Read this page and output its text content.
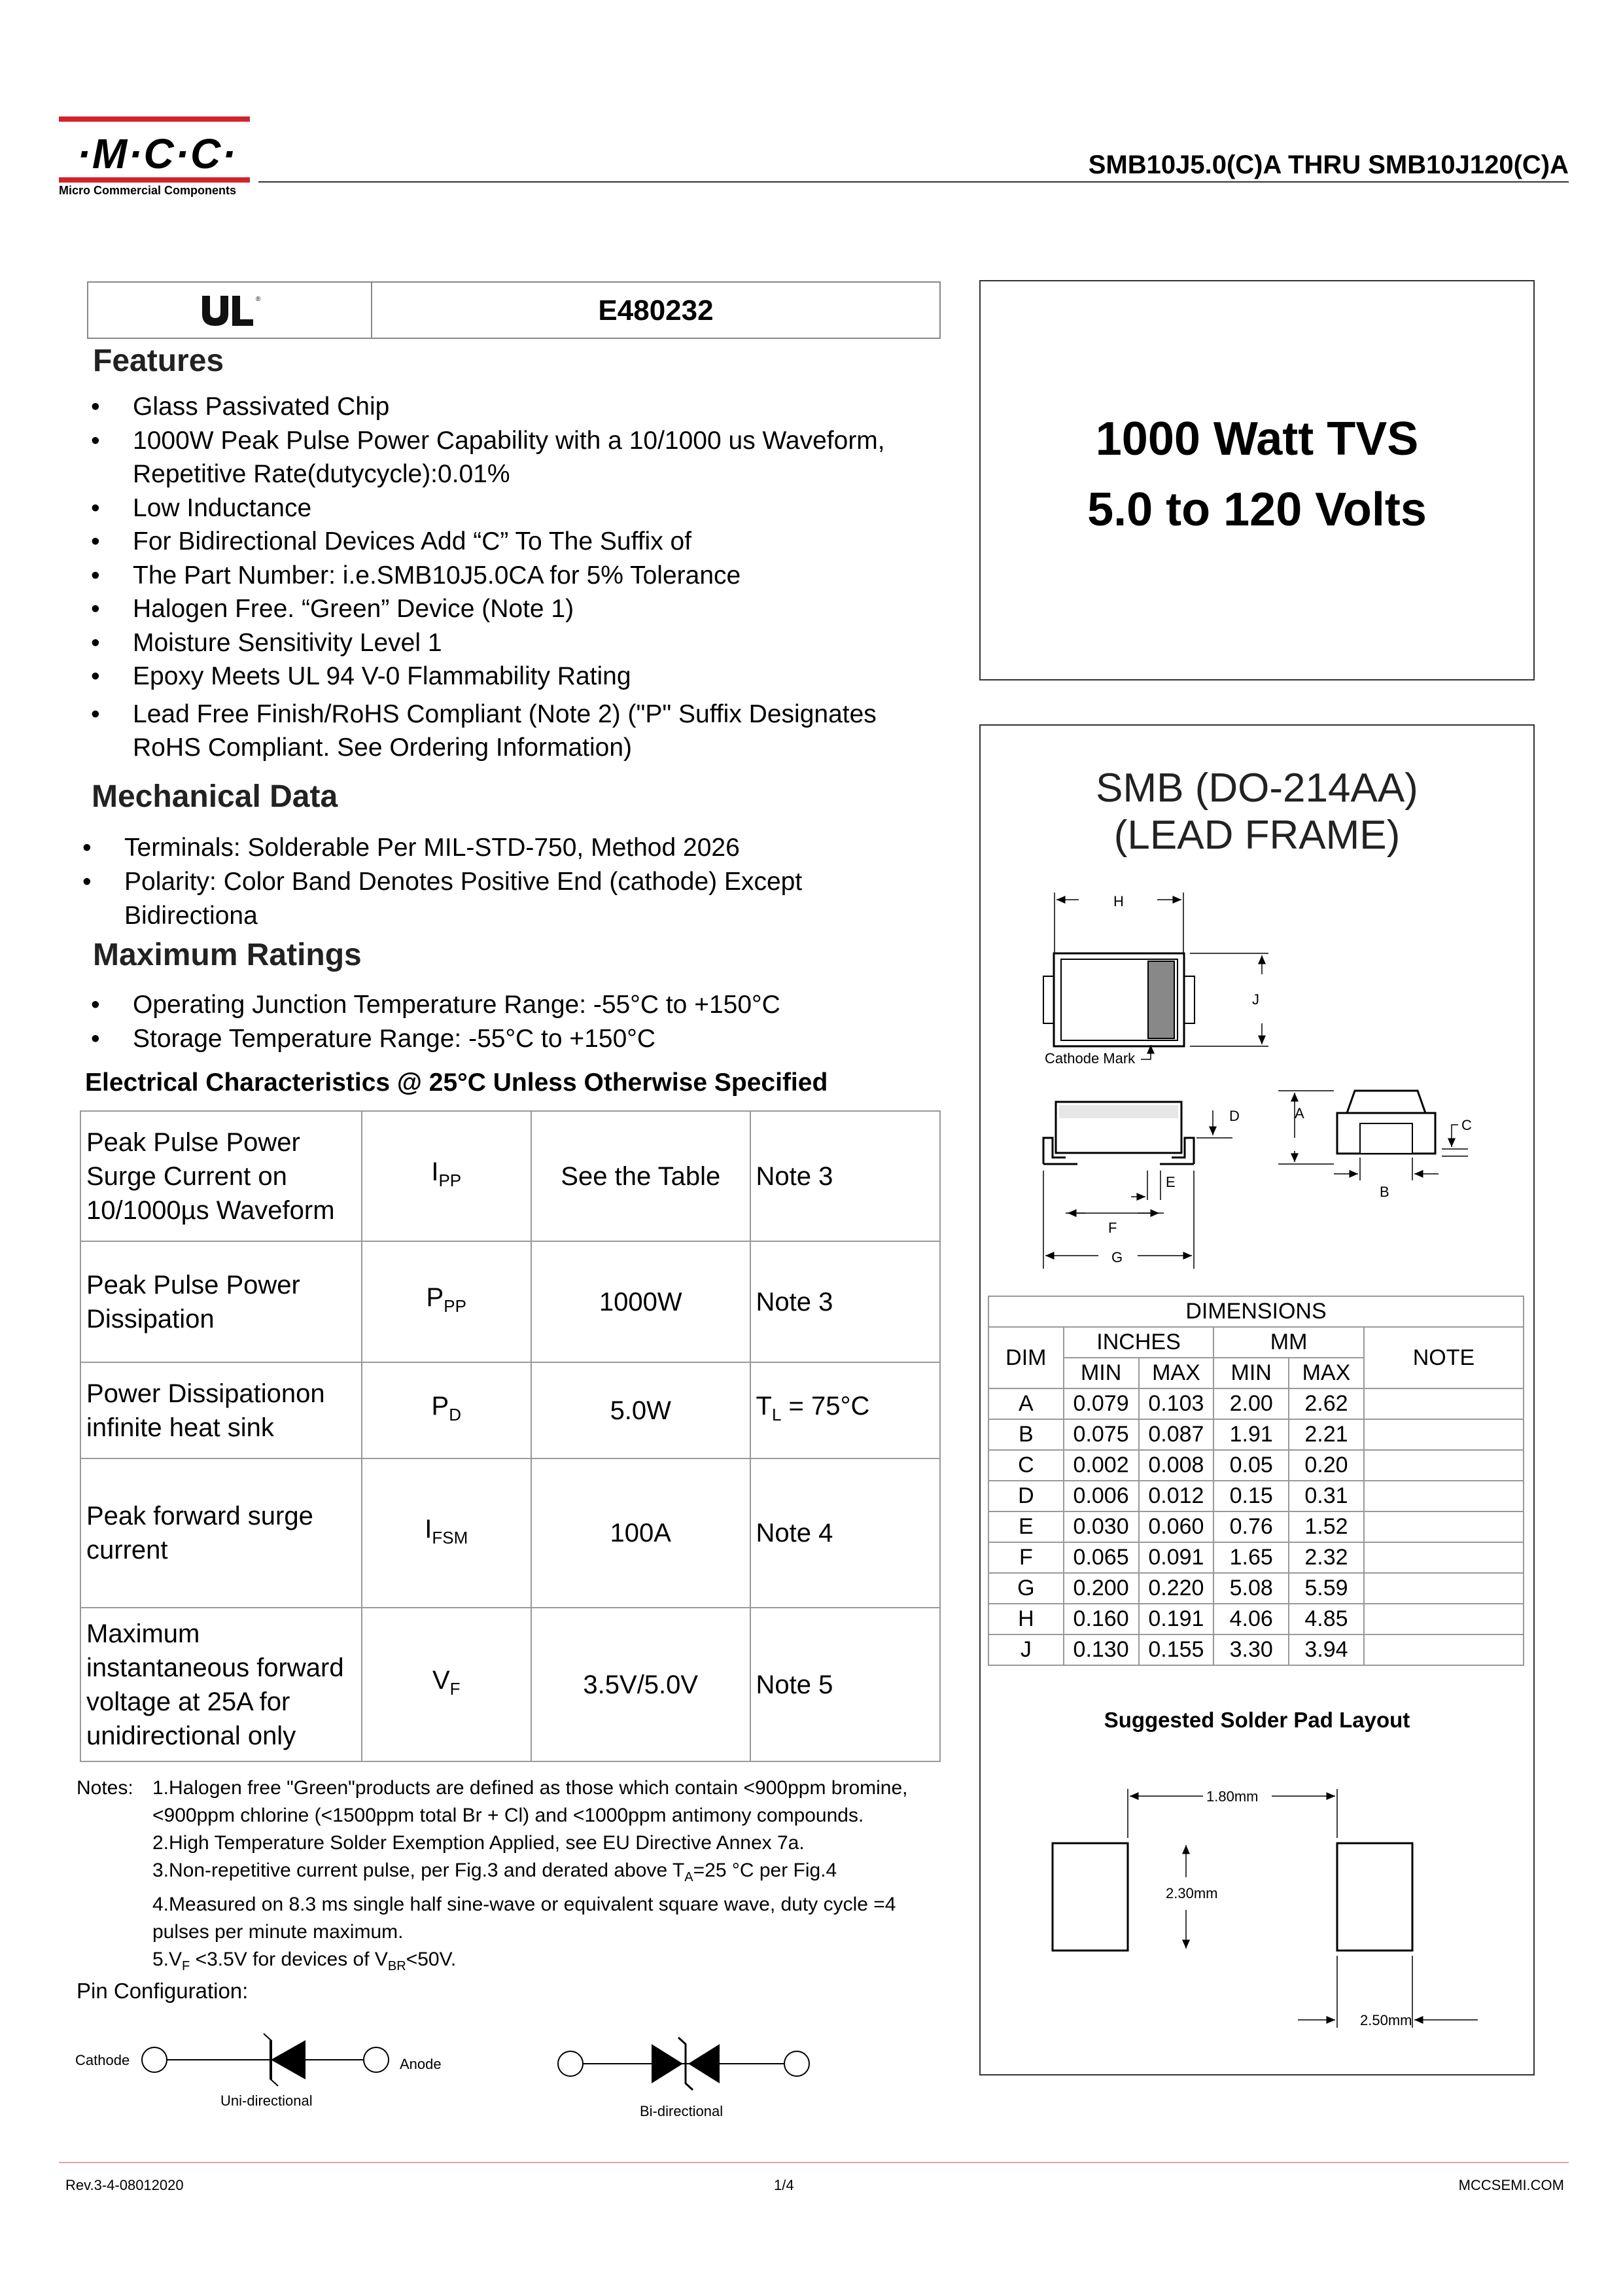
·M·C·C·
Micro Commercial Components
SMB10J5.0(C)A THRU SMB10J120(C)A
®	E480232
Features
• Glass Passivated Chip
• 1000W Peak Pulse Power Capability with a 10/1000 us Waveform,
Repetitive Rate(dutycycle):0.01%
• Low Inductance
• For Bidirectional Devices Add “C” To The Suffix of
• The Part Number: i.e.SMB10J5.0CA for 5% Tolerance
• Halogen Free. “Green” Device (Note 1)
• Moisture Sensitivity Level 1
• Epoxy Meets UL 94 V-0 Flammability Rating
• Lead Free Finish/RoHS Compliant (Note 2) ("P" Suffix Designates
RoHS Compliant. See Ordering Information)
Mechanical Data
• Terminals: Solderable Per MIL-STD-750, Method 2026
• Polarity: Color Band Denotes Positive End (cathode) Except
Bidirectiona
Maximum Ratings
• Operating Junction Temperature Range: -55°C to +150°C
• Storage Temperature Range: -55°C to +150°C
Electrical Characteristics @ 25°C Unless Otherwise Specified
Peak Pulse Power
Surge Current on
10/1000µs Waveform	$I_{PP}$	See the Table	Note 3

Peak Pulse Power
Dissipation	$P_{PP}$	1000W	Note 3

Power Dissipationon
infinite heat sink	$P_D$	5.0W	$T_L = 75^\circ C$

Peak forward surge
current	$I_{FSM}$	100A	Note 4

Maximum
instantaneous forward
voltage at 25A for
unidirectional only	$V_F$	3.5V/5.0V	Note 5
Notes: 1.Halogen free "Green"products are defined as those which contain <900ppm bromine,
<900ppm chlorine (<1500ppm total Br + Cl) and <1000ppm antimony compounds.
2.High Temperature Solder Exemption Applied, see EU Directive Annex 7a.
3.Non-repetitive current pulse, per Fig.3 and derated above $T_A=25$ °C per Fig.4
4.Measured on 8.3 ms single half sine-wave or equivalent square wave, duty cycle =4
pulses per minute maximum.
$5.V_F <3.5V$ for devices of $V_{BR}<50V$.
Pin Configuration:
Cathode	Anode
Uni-directional
Bi-directional
1000 Watt TVS
5.0 to 120 Volts
SMB (DO-214AA)
(LEAD FRAME)
H
J
Cathode Mark
D
E
F
G
A
C
B
1.80mm
2.30mm
2.50mm
DIMENSIONS					
DIM	INCHES		MM		NOTE
	MIN	MAX	MIN	MAX	
A	0.079	0.103	2.00	2.62	
B	0.075	0.087	1.91	2.21	
C	0.002	0.008	0.05	0.20	
D	0.006	0.012	0.15	0.31	
E	0.030	0.060	0.76	1.52	
F	0.065	0.091	1.65	2.32	
G	0.200	0.220	5.08	5.59	
H	0.160	0.191	4.06	4.85	
J	0.130	0.155	3.30	3.94	
Suggested Solder Pad Layout
Rev.3-4-08012020	1/4	MCCSEMI.COM
